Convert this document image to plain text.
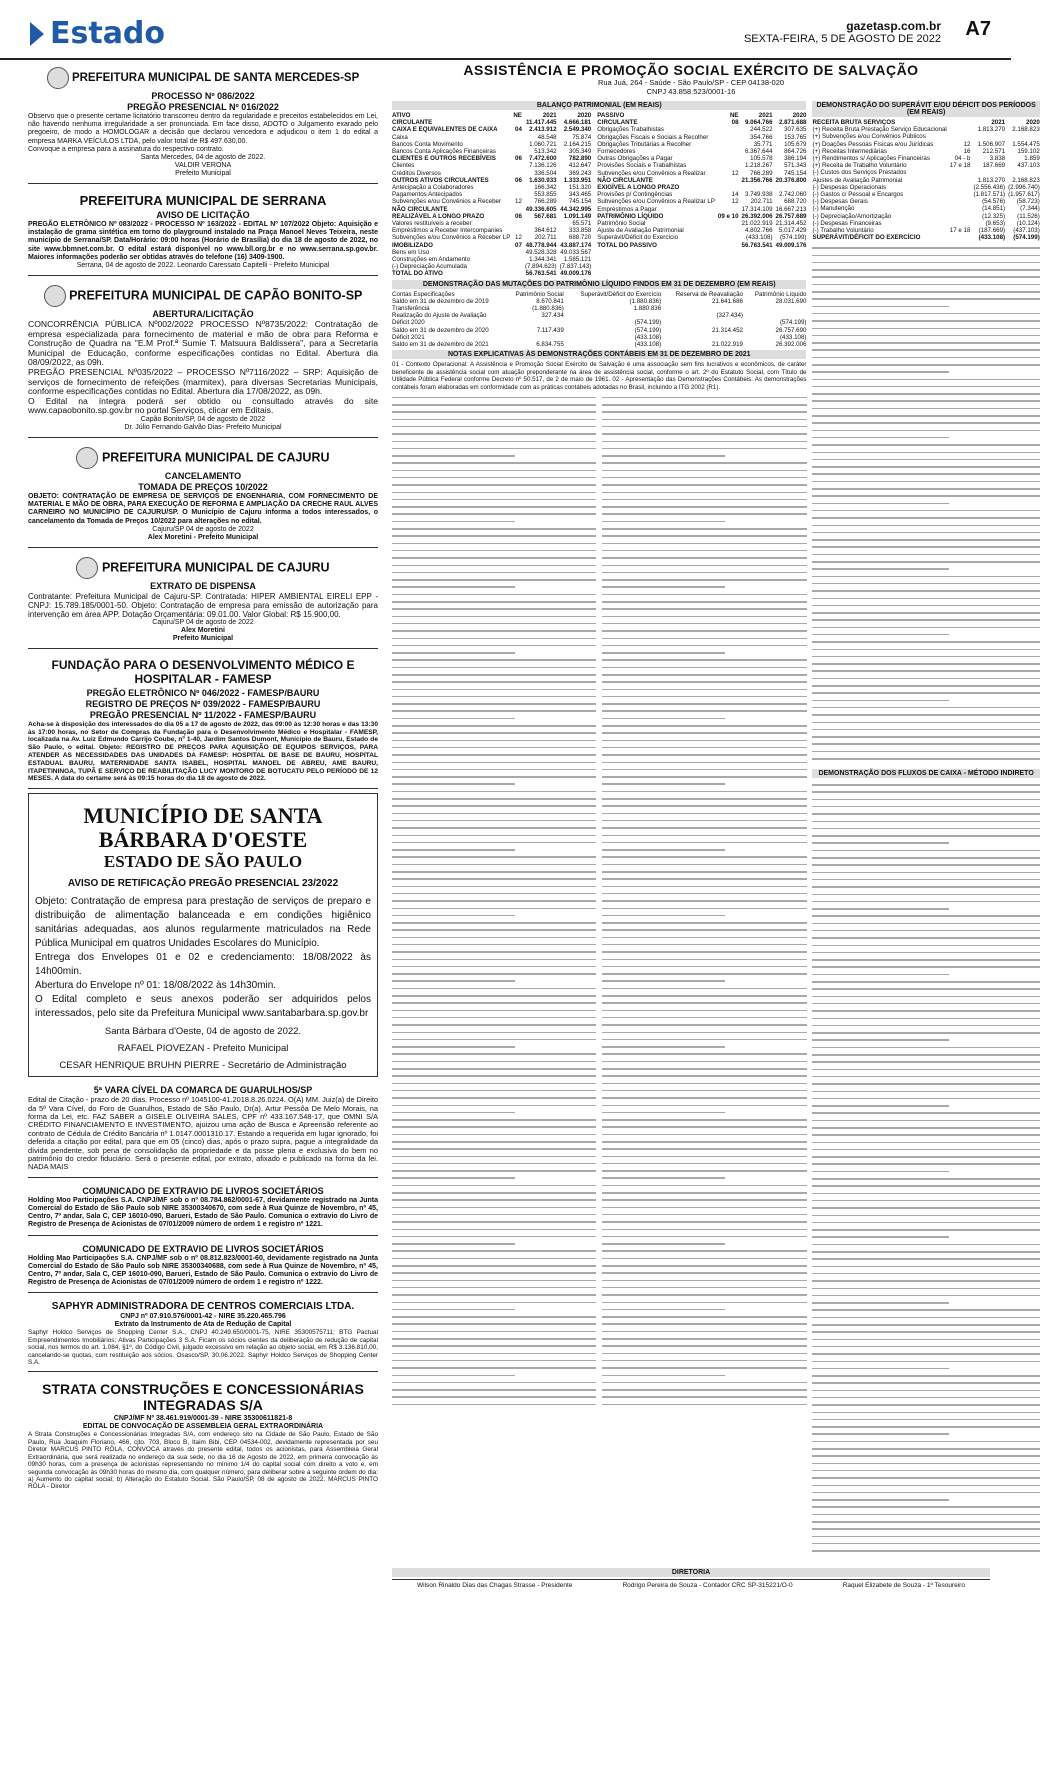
Estado	gazetasp.com.br
SEXTA-FEIRA, 5 DE AGOSTO DE 2022 A7
PREFEITURA MUNICIPAL DE SANTA MERCEDES-SP
PROCESSO Nº 086/2022
PREGÃO PRESENCIAL Nº 016/2022
Observo que o presente certame licitatório transcorreu dentro da regularidade e preceitos estabelecidos em Lei, não havendo nenhuma irregularidade a ser pronunciada. Em face disso, ADOTO o Julgamento exarado pelo pregoeiro, de modo a HOMOLOGAR a decisão que declarou vencedora e adjudicou o item 1 do edital a empresa MARKA VEÍCULOS LTDA, pelo valor total de R$ 497.630,00.
Convoque a empresa para a assinatura do respectivo contrato.
Santa Mercedes, 04 de agosto de 2022.
VALDIR VERONA
Prefeito Municipal
PREFEITURA MUNICIPAL DE SERRANA
AVISO DE LICITAÇÃO
PREGÃO ELETRÔNICO Nº 083/2022 - PROCESSO Nº 163/2022 - EDITAL Nº 107/2022 Objeto: Aquisição e instalação de grama sintética em torno do playground instalado na Praça Manoel Neves Teixeira, neste município de Serrana/SP. Data/Horário: 09:00 horas (Horário de Brasília) do dia 18 de agosto de 2022, no site www.bbmnet.com.br. O edital estará disponível no www.bll.org.br e no www.serrana.sp.gov.br. Maiores informações poderão ser obtidas através do telefone (16) 3409-1900.
Serrana, 04 de agosto de 2022. Leonardo Caressato Capitelli - Prefeito Municipal
PREFEITURA MUNICIPAL DE CAPÃO BONITO-SP
ABERTURA/LICITAÇÃO
CONCORRÊNCIA PÚBLICA Nº002/2022 PROCESSO Nº8735/2022: Contratação de empresa especializada para fornecimento de material e mão de obra para Reforma e Construção de Quadra na "E.M Prof.ª Sumie T. Matsuura Baldissera", para a Secretaria Municipal de Educação, conforme especificações contidas no Edital. Abertura dia 08/09/2022, as 09h.
PREGÃO PRESENCIAL Nº035/2022 – PROCESSO Nº7116/2022 – SRP: Aquisição de serviços de fornecimento de refeições (marmitex), para diversas Secretarias Municipais, conforme especificações contidas no Edital. Abertura dia 17/08/2022, as 09h.
O Edital na íntegra poderá ser obtido ou consultado através do site www.capaobonito.sp.gov.br no portal Serviços, clicar em Editais.
Capão Bonito/SP, 04 de agosto de 2022
Dr. Júlio Fernando Galvão Dias- Prefeito Municipal
PREFEITURA MUNICIPAL DE CAJURU
CANCELAMENTO
TOMADA DE PREÇOS 10/2022
OBJETO: CONTRATAÇÃO DE EMPRESA DE SERVIÇOS DE ENGENHARIA, COM FORNECIMENTO DE MATERIAL E MÃO DE OBRA, PARA EXECUÇÃO DE REFORMA E AMPLIAÇÃO DA CRECHE RAUL ALVES CARNEIRO NO MUNICÍPIO DE CAJURU/SP. O Município de Cajuru informa a todos interessados, o cancelamento da Tomada de Preços 10/2022 para alterações no edital.
Cajuru/SP 04 de agosto de 2022
Alex Moretini - Prefeito Municipal
PREFEITURA MUNICIPAL DE CAJURU
EXTRATO DE DISPENSA
Contratante: Prefeitura Municipal de Cajuru-SP. Contratada: HIPER AMBIENTAL EIRELI EPP - CNPJ: 15.789.185/0001-50. Objeto: Contratação de empresa para emissão de autorização para intervenção em área APP. Dotação Orçamentária: 09.01.00. Valor Global: R$ 15.900,00.
Cajuru/SP 04 de agosto de 2022
Alex Moretini
Prefeito Municipal
FUNDAÇÃO PARA O DESENVOLVIMENTO MÉDICO E HOSPITALAR - FAMESP
PREGÃO ELETRÔNICO Nº 046/2022 - FAMESP/BAURU
REGISTRO DE PREÇOS Nº 039/2022 - FAMESP/BAURU
PREGÃO PRESENCIAL Nº 11/2022 - FAMESP/BAURU
Acha-se à disposição dos interessados do dia 05 a 17 de agosto de 2022, das 09:00 às 12:30 horas e das 13:30 às 17:00 horas, no Setor de Compras da Fundação para o Desenvolvimento Médico e Hospitalar - FAMESP, localizada na Av. Luiz Edmundo Carrijo Coube, nº 1-40, Jardim Santos Dumont, Município de Bauru, Estado de São Paulo, o edital. Objeto: REGISTRO DE PREÇOS PARA AQUISIÇÃO DE EQUIPOS SERVIÇOS, PARA ATENDER AS NECESSIDADES DAS UNIDADES DA FAMESP: HOSPITAL DE BASE DE BAURU, HOSPITAL ESTADUAL BAURU, MATERNIDADE SANTA ISABEL, HOSPITAL MANOEL DE ABREU, AME BAURU, ITAPETININGA, TUPÃ E SERVIÇO DE REABILITAÇÃO LUCY MONTORO DE BOTUCATU PELO PERÍODO DE 12 MESES. A data do certame será às 09:15 horas do dia 18 de agosto de 2022.
MUNICÍPIO DE SANTA BÁRBARA D'OESTE
ESTADO DE SÃO PAULO
AVISO DE RETIFICAÇÃO PREGÃO PRESENCIAL 23/2022
Objeto: Contratação de empresa para prestação de serviços de preparo e distribuição de alimentação balanceada e em condições higiênico sanitárias adequadas, aos alunos regularmente matriculados na Rede Pública Municipal em quatros Unidades Escolares do Município.
Entrega dos Envelopes 01 e 02 e credenciamento: 18/08/2022 às 14h00min.
Abertura do Envelope nº 01: 18/08/2022 às 14h30min.
O Edital completo e seus anexos poderão ser adquiridos pelos interessados, pelo site da Prefeitura Municipal www.santabarbara.sp.gov.br
Santa Bárbara d'Oeste, 04 de agosto de 2022.
RAFAEL PIOVEZAN - Prefeito Municipal
CESAR HENRIQUE BRUHN PIERRE - Secretário de Administração
5ª VARA CÍVEL DA COMARCA DE GUARULHOS/SP
Edital de Citação - prazo de 20 dias. Processo nº 1045100-41.2018.8.26.0224. O(A) MM. Juiz(a) de Direito da 5ª Vara Cível, do Foro de Guarulhos, Estado de São Paulo, Dr(a). Artur Pessôa De Melo Morais, na forma da Lei, etc. FAZ SABER a GISELE OLIVEIRA SALES, CPF nº 433.167.548-17, que OMNI S/A CRÉDITO FINANCIAMENTO E INVESTIMENTO, ajuizou uma ação de Busca e Apreensão referente ao contrato de Cédula de Crédito Bancária nº 1.0147.0001310.17. Estando a requerida em lugar ignorado, foi deferida a citação por edital, para que em 05 (cinco) dias, após o prazo supra, pague a integralidade da dívida pendente, sob pena de consolidação da propriedade e da posse plena e exclusiva do bem no patrimônio do credor fiduciário. Será o presente edital, por extrato, afixado e publicado na forma da lei. NADA MAIS
COMUNICADO DE EXTRAVIO DE LIVROS SOCIETÁRIOS
Holding Moo Participações S.A. CNPJ/MF sob o nº 08.784.862/0001-67, devidamente registrado na Junta Comercial do Estado de São Paulo sob NIRE 35300340670, com sede à Rua Quinze de Novembro, nº 45, Centro, 7º andar, Sala C, CEP 16010-090, Barueri, Estado de São Paulo. Comunica o extravio do Livro de Registro de Presença de Acionistas de 07/01/2009 número de ordem 1 e registro nº 1221.
COMUNICADO DE EXTRAVIO DE LIVROS SOCIETÁRIOS
Holding Mao Participações S.A. CNPJ/MF sob o nº 08.812.823/0001-60, devidamente registrado na Junta Comercial do Estado de São Paulo sob NIRE 35300340688, com sede à Rua Quinze de Novembro, nº 45, Centro, 7º andar, Sala C, CEP 16010-090, Barueri, Estado de São Paulo. Comunica o extravio do Livro de Registro de Presença de Acionistas de 07/01/2009 número de ordem 1 e registro nº 1222.
SAPHYR ADMINISTRADORA DE CENTROS COMERCIAIS LTDA.
CNPJ nº 07.910.576/0001-42 - NIRE 35.220.465.796
Extrato da Instrumento de Ata de Redução de Capital
Saphyr Holdco Serviços de Shopping Center S.A., CNPJ 40.249.650/0001-75, NIRE 35300575711; BTG Pactual Empreendimentos Imobiliários; Ativas Participações 3 S.A. Ficam os sócios cientes da deliberação de redução de capital social, nos termos do art. 1.084, §1º, do Código Civil, julgado excessivo em relação ao objeto social, em R$ 3.136.810,00, cancelando-se quotas, com restituição aos sócios. Osasco/SP, 30.06.2022. Saphyr Holdco Serviços de Shopping Center S.A.
STRATA CONSTRUÇÕES E CONCESSIONÁRIAS INTEGRADAS S/A
CNPJ/MF Nº 38.461.919/0001-39 - NIRE 35300611821-8
EDITAL DE CONVOCAÇÃO DE ASSEMBLEIA GERAL EXTRAORDINÁRIA
A Strata Construções e Concessionárias Integradas S/A, com endereço sito na Cidade de São Paulo, Estado de São Paulo, Rua Joaquim Floriano, 466, cjto. 703, Bloco B, Itaim Bibi, CEP 04534-002, devidamente representada por seu Diretor MARCUS PINTO RÔLA, CONVOCA através do presente edital, todos os acionistas, para Assembleia Geral Extraordinária, que será realizada no endereço da sua sede, no dia 16 de Agosto de 2022, em primeira convocação às 09h30 horas, com a presença de acionistas representando no mínimo 1/4 do capital social com direito a voto e, em segunda convocação às 09h30 horas do mesmo dia, com qualquer número, para deliberar sobre a seguinte ordem do dia: a) Aumento do capital social; b) Alteração do Estatuto Social. São Paulo/SP, 08 de agosto de 2022. MARCUS PINTO RÔLA - Diretor
ASSISTÊNCIA E PROMOÇÃO SOCIAL EXÉRCITO DE SALVAÇÃO
Rua Juá, 264 - Saúde - São Paulo/SP - CEP 04138-020
CNPJ 43.858.523/0001-16
BALANÇO PATRIMONIAL (EM REAIS)
ATIVO	NE	2021	2020
CIRCULANTE		11.417.445	4.666.181
CAIXA E EQUIVALENTES DE CAIXA	04	2.413.912	2.549.340
Caixa		48.548	75.874
Bancos Conta Movimento		1.060.721	2.164.215
Bancos Conta Aplicações Financeiras		513.342	305.349
CLIENTES E OUTROS RECEBÍVEIS	06	7.472.600	782.890
Clientes		7.136.126	412.647
Créditos Diversos		336.504	369.243
OUTROS ATIVOS CIRCULANTES	06	1.630.933	1.333.951
Antecipação a Colaboradores		166.342	151.320
Pagamentos Antecipados		553.855	343.465
Subvenções e/ou Convênios a Receber	12	766.289	745.154
NÃO CIRCULANTE		49.336.605	44.342.995
REALIZÁVEL A LONGO PRAZO	06	567.681	1.091.149
Valores restituíveis a receber			65.571
Empréstimos a Receber Intercompanies		364.612	333.858
Subvenções e/ou Convênios a Receber LP	12	202.711	688.720
IMOBILIZADO	07	48.778.944	43.887.174
Bens em Uso		49.528.328	49.033.567
Construções em Andamento		1.344.341	1.585.121
(-) Depreciação Acumulada		(7.894.623)	(7.837.143)
TOTAL DO ATIVO		56.763.541	49.009.176
PASSIVO	NE	2021	2020
CIRCULANTE	08	9.064.766	2.871.688
Obrigações Trabalhistas		244.522	307.635
Obrigações Fiscais e Sociais a Recolher		354.766	153.765
Obrigações Tributárias a Recolher		35.771	105.679
Fornecedores		6.367.644	864.726
Outras Obrigações a Pagar		105.578	386.194
Provisões Sociais e Trabalhistas		1.218.267	571.343
Subvenções e/ou Convênios a Realizar	12	766.289	745.154
NÃO CIRCULANTE		21.356.766	20.376.800
EXIGÍVEL A LONGO PRAZO			
Provisões p/ Contingências	14	3.749.938	2.742.060
Subvenções e/ou Convênios a Realizar LP	12	202.711	688.720
Empréstimos a Pagar		17.314.109	16.667.213
PATRIMÔNIO LÍQUIDO	09 e 10	26.392.006	26.757.689
Patrimônio Social		21.022.919	21.314.452
Ajuste de Avaliação Patrimonial		4.802.766	5.017.429
Superávit/Déficit do Exercício		(433.108)	(574.199)
TOTAL DO PASSIVO		56.763.541	49.009.176
DEMONSTRAÇÃO DAS MUTAÇÕES DO PATRIMÔNIO LÍQUIDO FINDOS EM 31 DE DEZEMBRO (EM REAIS)
Contas Especificações	Patrimônio Social	Superávit/Déficit do Exercício	Reserva de Reavaliação	Patrimônio Líquido
Saldo em 31 de dezembro de 2019	8.670.841	(1.880.836)	21.641.686	28.031.690
Transferência	(1.880.836)	1.880.836		
Realização do Ajuste de Avaliação	327.434		(327.434)	
Déficit 2020		(574.199)		(574.199)
Saldo em 31 de dezembro de 2020	7.117.439	(574.199)	21.314.452	26.757.690
Déficit 2021		(433.108)		(433.108)
Saldo em 31 de dezembro de 2021	6.834.755	(433.108)	21.022.919	26.392.006
NOTAS EXPLICATIVAS ÀS DEMONSTRAÇÕES CONTÁBEIS EM 31 DE DEZEMBRO DE 2021
01 - Contexto Operacional: A Assistência e Promoção Social Exército de Salvação é uma associação sem fins lucrativos e econômicos, de caráter beneficente de assistência social com atuação preponderante na área de assistência social, conforme o art. 2º do Estatuto Social, com Título de Utilidade Pública Federal conforme Decreto nº 50.517, de 2 de maio de 1961. 02 - Apresentação das Demonstrações Contábeis: As demonstrações contábeis foram elaboradas em conformidade com as práticas contábeis adotadas no Brasil, incluindo a ITG 2002 (R1).
DEMONSTRAÇÃO DO SUPERÁVIT E/OU DÉFICIT DOS PERÍODOS (EM REAIS)
RECEITA BRUTA SERVIÇOS		2021	2020
(+) Receita Bruta Prestação Serviço Educacional		1.813.270	2.168.823
(+) Subvenções e/ou Convênios Públicos			
(+) Doações Pessoas Físicas e/ou Jurídicas	12	1.506.907	1.554.475
(+) Receitas Intermediárias	16	212.571	159.102
(+) Rendimentos s/ Aplicações Financeiras	04 - b	3.838	1.859
(+) Receita de Trabalho Voluntário	17 e 18	187.669	437.103
(-) Custos dos Serviços Prestados			
Ajustes de Avaliação Patrimonial		1.813.270	2.168.823
(-) Despesas Operacionais		(2.556.436)	(2.996.740)
(-) Gastos c/ Pessoal e Encargos		(1.817.571)	(1.957.617)
(-) Despesas Gerais		(54.576)	(58.723)
(-) Manutenção		(14.851)	(7.344)
(-) Depreciação/Amortização		(12.325)	(11.526)
(-) Despesas Financeiras		(9.653)	(10.124)
(-) Trabalho Voluntário	17 e 18	(187.669)	(437.103)
SUPERÁVIT/DÉFICIT DO EXERCÍCIO		(433.108)	(574.199)
DEMONSTRAÇÃO DOS FLUXOS DE CAIXA - MÉTODO INDIRETO
DIRETORIA
Wilson Rinaldo Dias das Chagas Strasse - Presidente	Rodrigo Pereira de Souza - Contador CRC SP-315221/O-0	Raquel Elizabete de Souza - 1º Tesoureiro
